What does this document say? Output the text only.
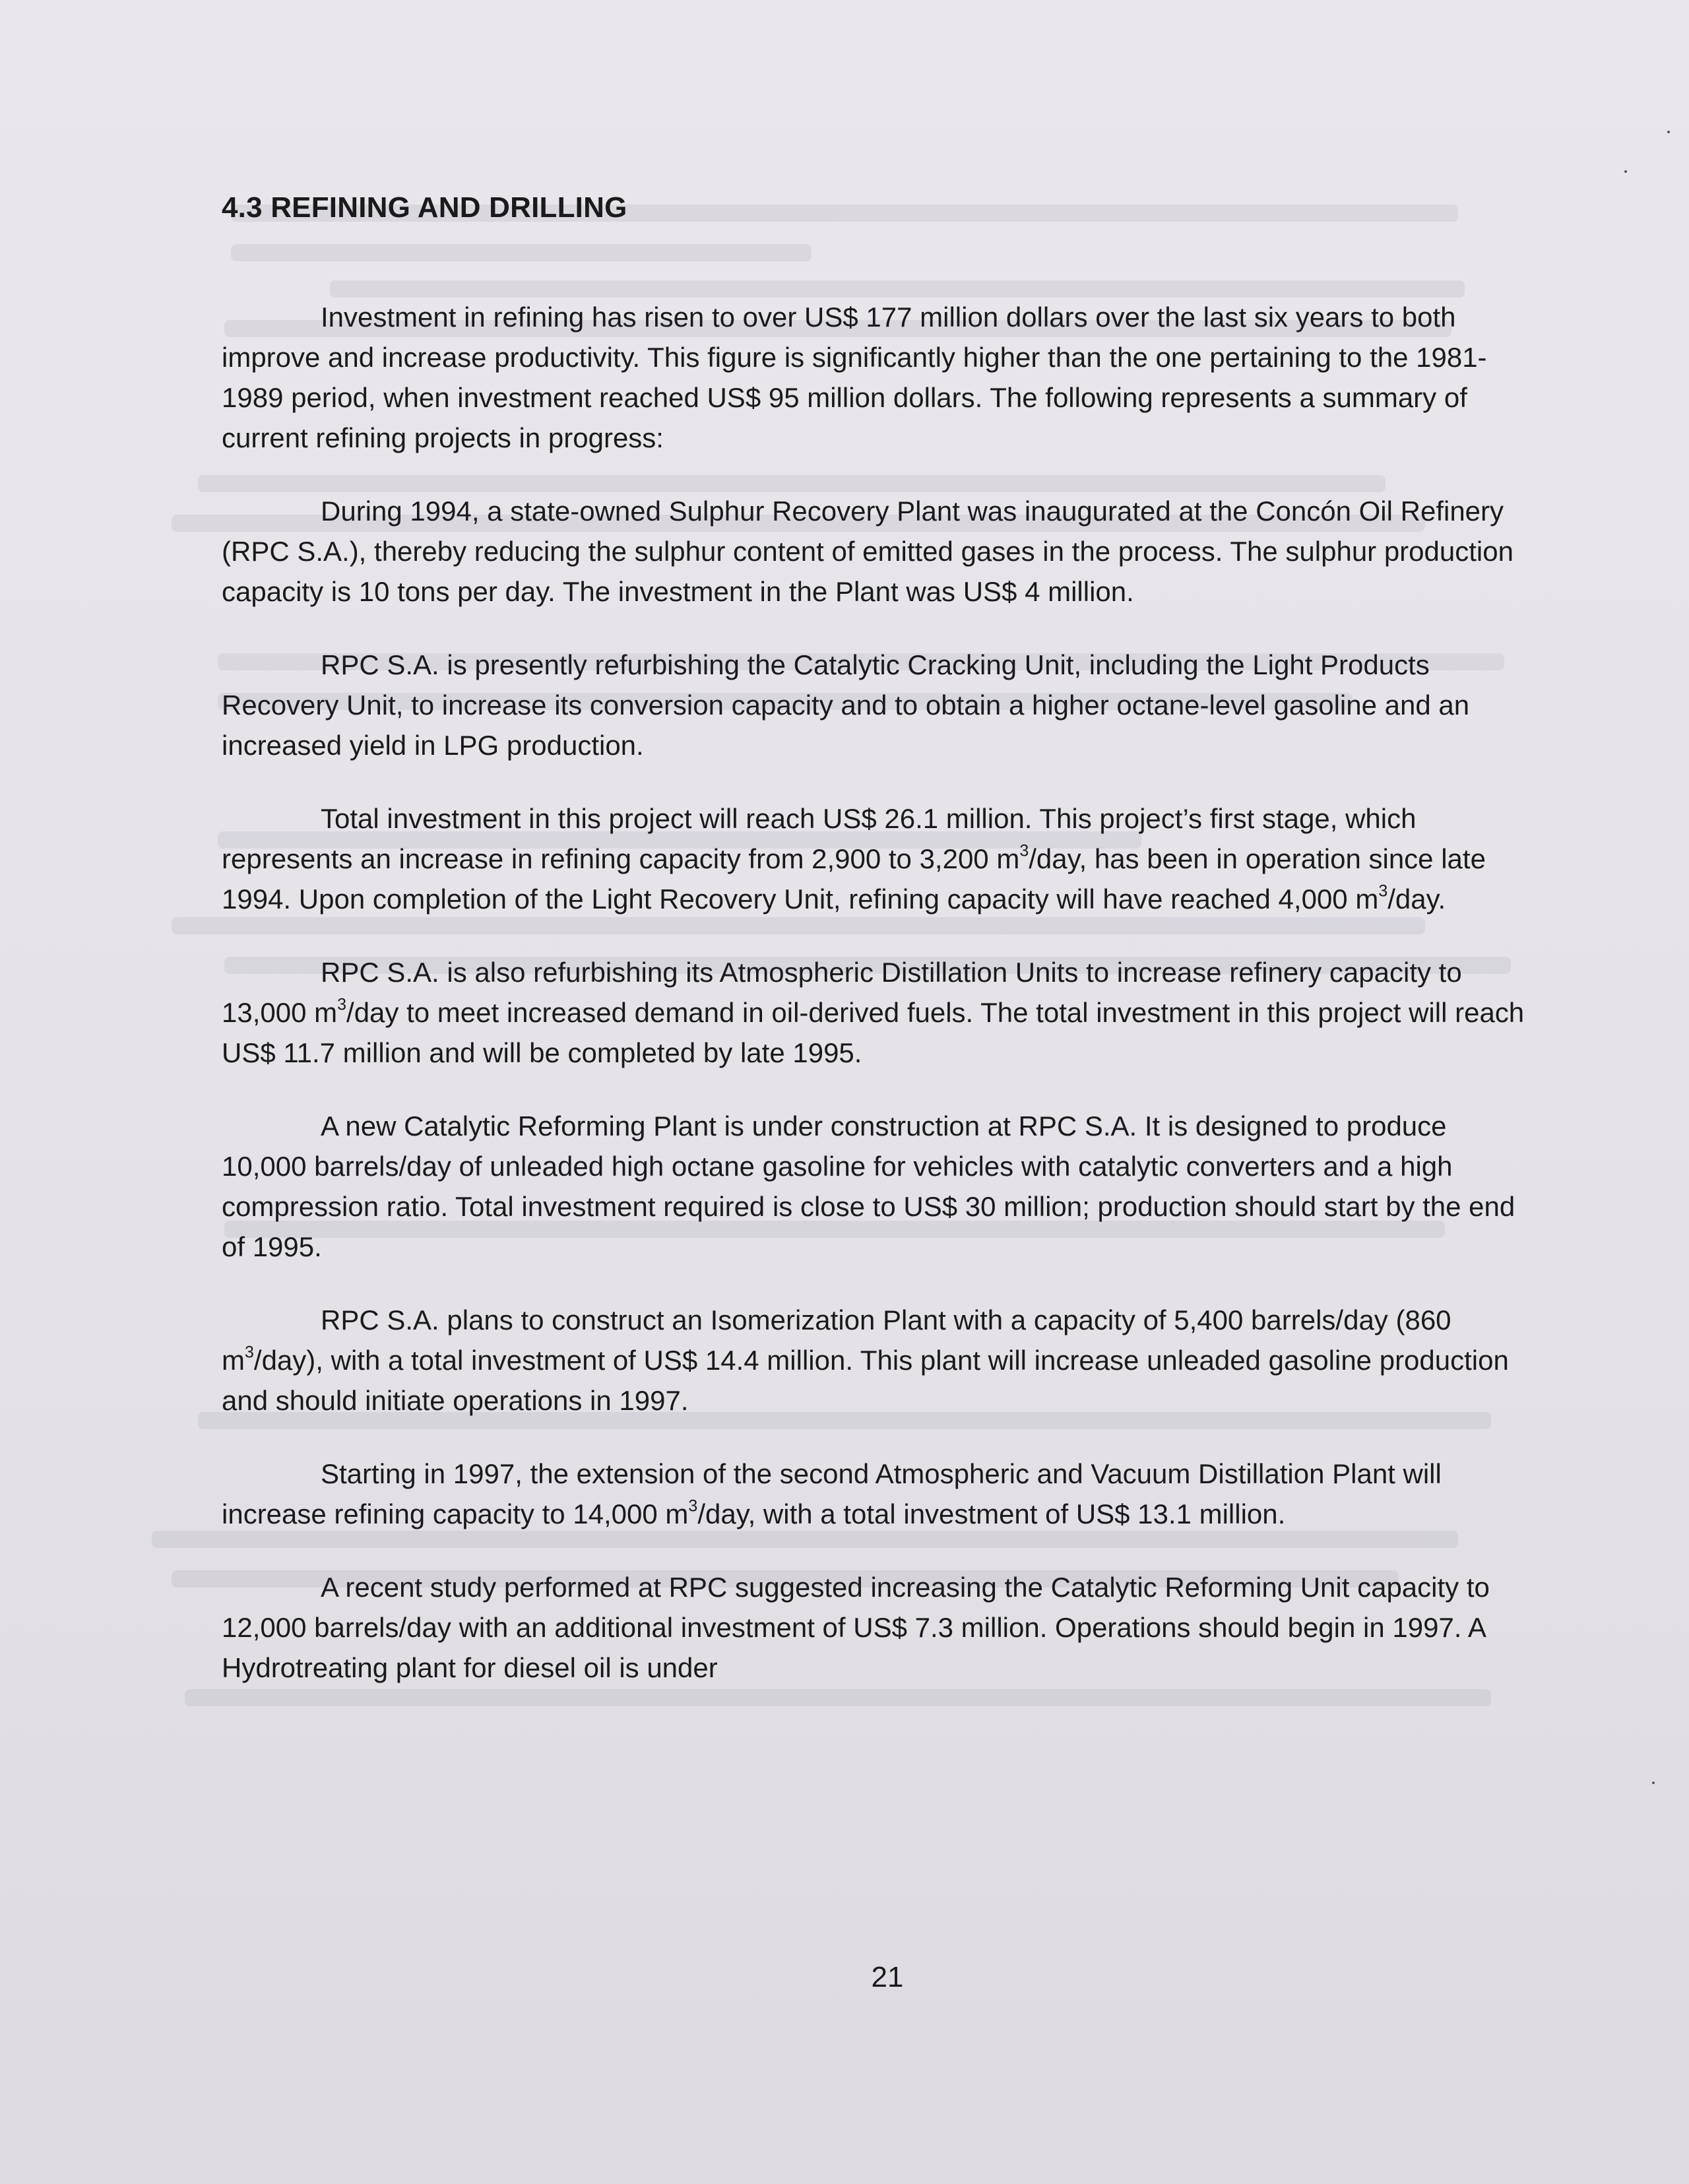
4.3 REFINING AND DRILLING

Investment in refining has risen to over US$ 177 million dollars over the last six years to both improve and increase productivity. This figure is significantly higher than the one pertaining to the 1981-1989 period, when investment reached US$ 95 million dollars. The following represents a summary of current refining projects in progress:

During 1994, a state-owned Sulphur Recovery Plant was inaugurated at the Concón Oil Refinery (RPC S.A.), thereby reducing the sulphur content of emitted gases in the process. The sulphur production capacity is 10 tons per day. The investment in the Plant was US$ 4 million.

RPC S.A. is presently refurbishing the Catalytic Cracking Unit, including the Light Products Recovery Unit, to increase its conversion capacity and to obtain a higher octane-level gasoline and an increased yield in LPG production.

Total investment in this project will reach US$ 26.1 million. This project’s first stage, which represents an increase in refining capacity from 2,900 to 3,200 $m^3$/day, has been in operation since late 1994. Upon completion of the Light Recovery Unit, refining capacity will have reached 4,000 $m^3$/day.

RPC S.A. is also refurbishing its Atmospheric Distillation Units to increase refinery capacity to 13,000 $m^3$/day to meet increased demand in oil-derived fuels. The total investment in this project will reach US$ 11.7 million and will be completed by late 1995.

A new Catalytic Reforming Plant is under construction at RPC S.A. It is designed to produce 10,000 barrels/day of unleaded high octane gasoline for vehicles with catalytic converters and a high compression ratio. Total investment required is close to US$ 30 million; production should start by the end of 1995.

RPC S.A. plans to construct an Isomerization Plant with a capacity of 5,400 barrels/day (860 $m^3/day$), with a total investment of US$ 14.4 million. This plant will increase unleaded gasoline production and should initiate operations in 1997.

Starting in 1997, the extension of the second Atmospheric and Vacuum Distillation Plant will increase refining capacity to 14,000 $m^3$/day, with a total investment of US$ 13.1 million.

A recent study performed at RPC suggested increasing the Catalytic Reforming Unit capacity to 12,000 barrels/day with an additional investment of US$ 7.3 million. Operations should begin in 1997. A Hydrotreating plant for diesel oil is under

21
